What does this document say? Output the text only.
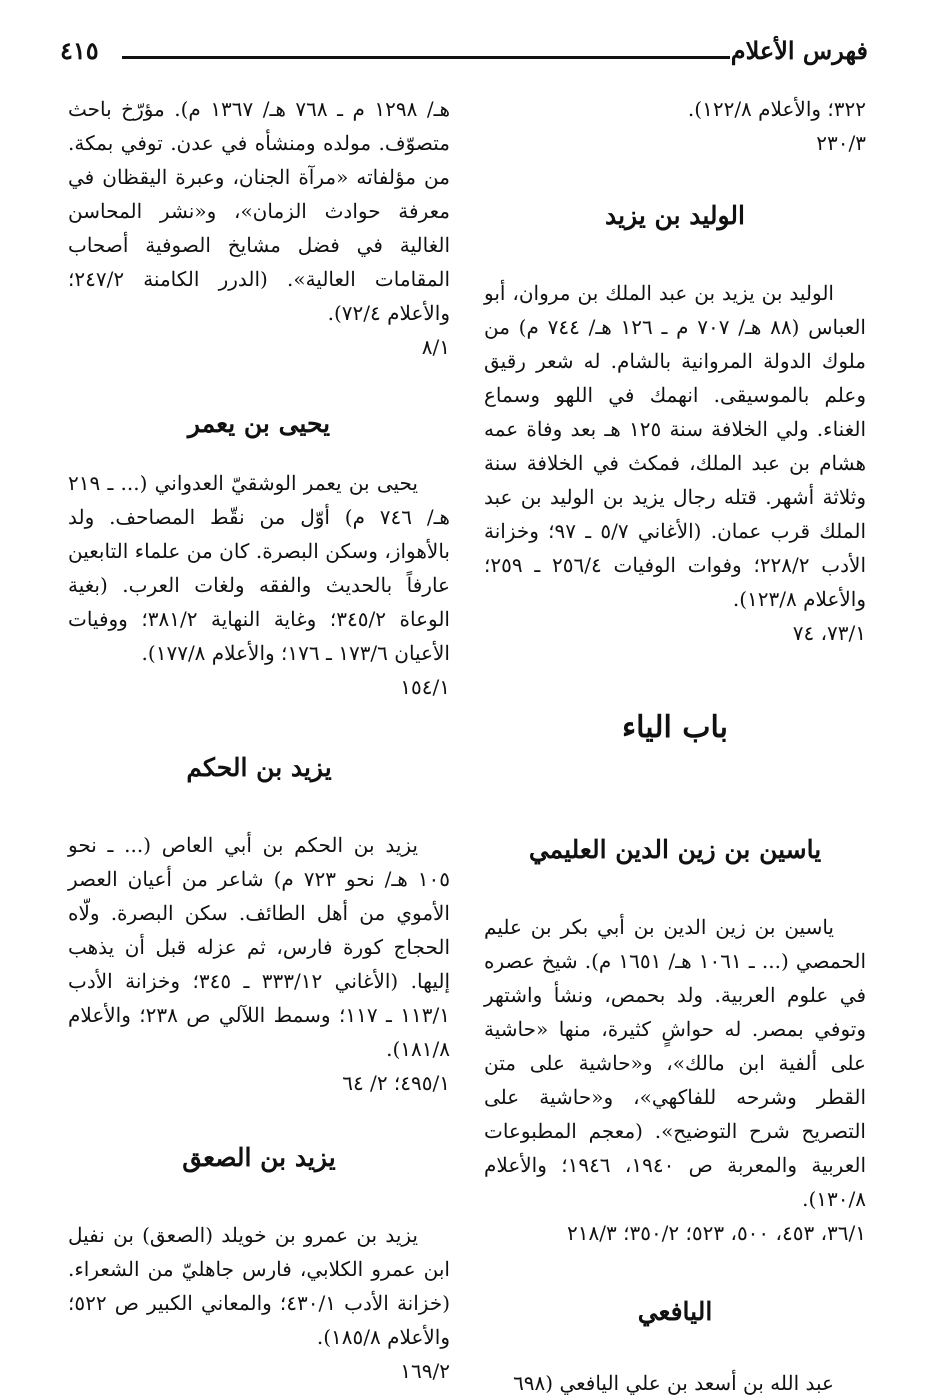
فهرس الأعلام
٤١٥

٣٢٢؛ والأعلام ١٢٢/٨).

٢٣٠/٣

الوليد بن يزيد

الوليد بن يزيد بن عبد الملك بن مروان، أبو العباس (٨٨ هـ/ ٧٠٧ م ـ ١٢٦ هـ/ ٧٤٤ م) من ملوك الدولة المروانية بالشام. له شعر رقيق وعلم بالموسيقى. انهمك في اللهو وسماع الغناء. ولي الخلافة سنة ١٢٥ هـ بعد وفاة عمه هشام بن عبد الملك، فمكث في الخلافة سنة وثلاثة أشهر. قتله رجال يزيد بن الوليد بن عبد الملك قرب عمان. (الأغاني ٥/٧ ـ ٩٧؛ وخزانة الأدب ٢٢٨/٢؛ وفوات الوفيات ٢٥٦/٤ ـ ٢٥٩؛ والأعلام ١٢٣/٨).

٧٣/١، ٧٤

باب الياء

ياسين بن زين الدين العليمي

ياسين بن زين الدين بن أبي بكر بن عليم الحمصي (... ـ ١٠٦١ هـ/ ١٦٥١ م). شيخ عصره في علوم العربية. ولد بحمص، ونشأ واشتهر وتوفي بمصر. له حواشٍ كثيرة، منها «حاشية على ألفية ابن مالك»، و«حاشية على متن القطر وشرحه للفاكهي»، و«حاشية على التصريح شرح التوضيح». (معجم المطبوعات العربية والمعربة ص ١٩٤٠، ١٩٤٦؛ والأعلام ١٣٠/٨).

٣٦/١، ٤٥٣، ٥٠٠، ٥٢٣؛ ٣٥٠/٢؛ ٢١٨/٣

اليافعي

عبد الله بن أسعد بن علي اليافعي (٦٩٨

هـ/ ١٢٩٨ م ـ ٧٦٨ هـ/ ١٣٦٧ م). مؤرّخ باحث متصوّف. مولده ومنشأه في عدن. توفي بمكة. من مؤلفاته «مرآة الجنان، وعبرة اليقظان في معرفة حوادث الزمان»، و«نشر المحاسن الغالية في فضل مشايخ الصوفية أصحاب المقامات العالية». (الدرر الكامنة ٢٤٧/٢؛ والأعلام ٧٢/٤).

٨/١

يحيى بن يعمر

يحيى بن يعمر الوشقيّ العدواني (... ـ ٢١٩ هـ/ ٧٤٦ م) أوّل من نقّط المصاحف. ولد بالأهواز، وسكن البصرة. كان من علماء التابعين عارفاً بالحديث والفقه ولغات العرب. (بغية الوعاة ٣٤٥/٢؛ وغاية النهاية ٣٨١/٢؛ ووفيات الأعيان ١٧٣/٦ ـ ١٧٦؛ والأعلام ١٧٧/٨).

١٥٤/١

يزيد بن الحكم

يزيد بن الحكم بن أبي العاص (... ـ نحو ١٠٥ هـ/ نحو ٧٢٣ م) شاعر من أعيان العصر الأموي من أهل الطائف. سكن البصرة. ولّاه الحجاج كورة فارس، ثم عزله قبل أن يذهب إليها. (الأغاني ٣٣٣/١٢ ـ ٣٤٥؛ وخزانة الأدب ١١٣/١ ـ ١١٧؛ وسمط اللآلي ص ٢٣٨؛ والأعلام ١٨١/٨).

٤٩٥/١؛ ٢/ ٦٤

يزيد بن الصعق

يزيد بن عمرو بن خويلد (الصعق) بن نفيل ابن عمرو الكلابي، فارس جاهليّ من الشعراء. (خزانة الأدب ٤٣٠/١؛ والمعاني الكبير ص ٥٢٢؛ والأعلام ١٨٥/٨).

١٦٩/٢
